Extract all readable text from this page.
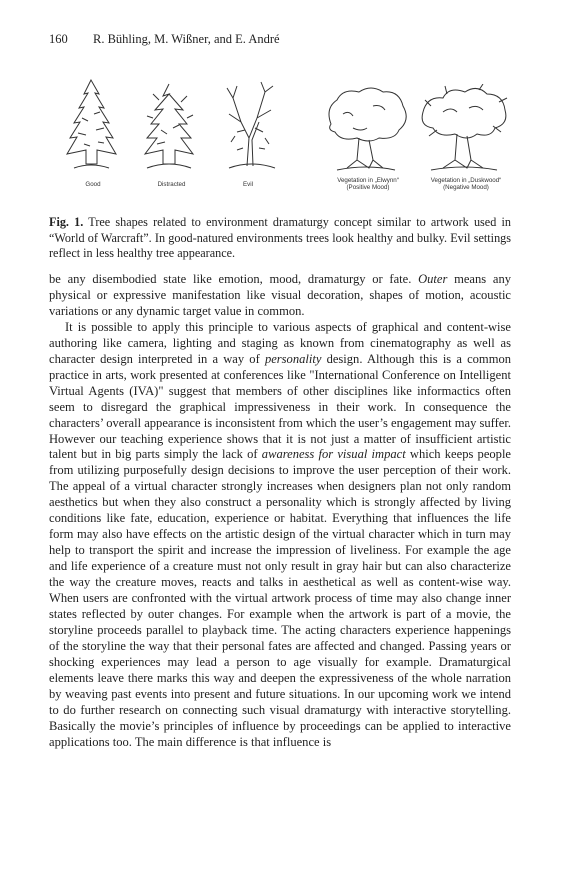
160 R. Bühling, M. Wißner, and E. André
Good	Distracted	Evil
Vegetation in „Elwynn“
(Positive Mood)
Vegetation in „Duskwood“
(Negative Mood)
Fig. 1. Tree shapes related to environment dramaturgy concept similar to artwork used in “World of Warcraft”. In good-natured environments trees look healthy and bulky. Evil settings reflect in less healthy tree appearance.

be any disembodied state like emotion, mood, dramaturgy or fate. Outer means any physical or expressive manifestation like visual decoration, shapes of motion, acoustic variations or any dynamic target value in common.

It is possible to apply this principle to various aspects of graphical and content-wise authoring like camera, lighting and staging as known from cinematography as well as character design interpreted in a way of personality design. Although this is a common practice in arts, work presented at conferences like "International Conference on Intelligent Virtual Agents (IVA)" suggest that members of other disciplines like informactics often seem to disregard the graphical impressiveness in their work. In consequence the characters’ overall appearance is inconsistent from which the user’s engagement may suffer. However our teaching experience shows that it is not just a matter of insufficient artistic talent but in big parts simply the lack of awareness for visual impact which keeps people from utilizing purposefully design decisions to improve the user perception of their work. The appeal of a virtual character strongly increases when designers plan not only random aesthetics but when they also construct a personality which is strongly affected by living conditions like fate, education, experience or habitat. Everything that influences the life form may also have effects on the artistic design of the virtual character which in turn may help to transport the spirit and increase the impression of liveliness. For example the age and life experience of a creature must not only result in gray hair but can also characterize the way the creature moves, reacts and talks in aesthetical as well as content-wise way. When users are confronted with the virtual artwork process of time may also change inner states reflected by outer changes. For example when the artwork is part of a movie, the storyline proceeds parallel to playback time. The acting characters experience happenings of the storyline the way that their personal fates are affected and changed. Passing years or shocking experiences may lead a person to age visually for example. Dramaturgical elements leave there marks this way and deepen the expressiveness of the whole narration by weaving past events into present and future situations. In our upcoming work we intend to do further research on connecting such visual dramaturgy with interactive storytelling. Basically the movie’s principles of influence by proceedings can be applied to interactive applications too. The main difference is that influence is
